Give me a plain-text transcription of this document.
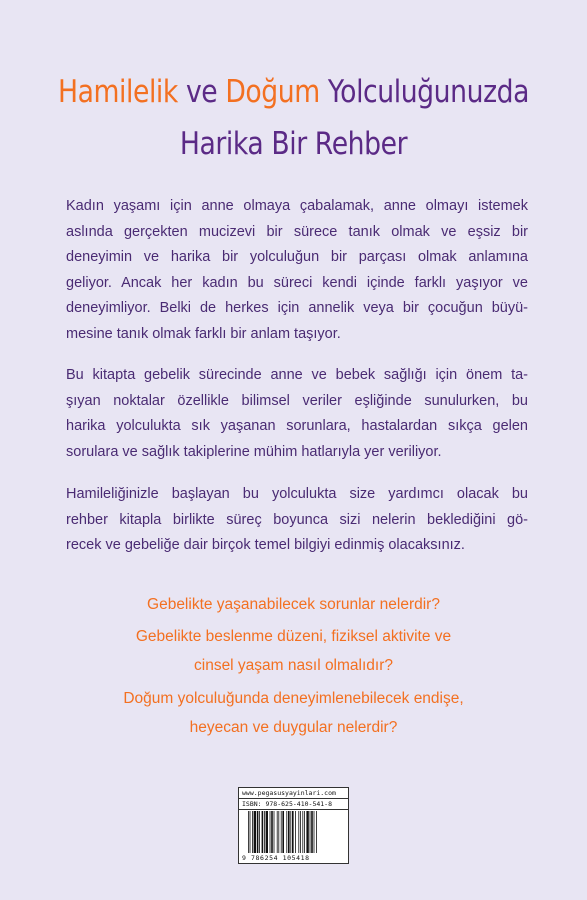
Hamilelik ve Doğum Yolculuğunuzda
Harika Bir Rehber
Kadın yaşamı için anne olmaya çabalamak, anne olmayı istemek
aslında gerçekten mucizevi bir sürece tanık olmak ve eşsiz bir
deneyimin ve harika bir yolculuğun bir parçası olmak anlamına
geliyor. Ancak her kadın bu süreci kendi içinde farklı yaşıyor ve
deneyimliyor. Belki de herkes için annelik veya bir çocuğun büyü-
mesine tanık olmak farklı bir anlam taşıyor.
Bu kitapta gebelik sürecinde anne ve bebek sağlığı için önem ta-
şıyan noktalar özellikle bilimsel veriler eşliğinde sunulurken, bu
harika yolculukta sık yaşanan sorunlara, hastalardan sıkça gelen
sorulara ve sağlık takiplerine mühim hatlarıyla yer veriliyor.
Hamileliğinizle başlayan bu yolculukta size yardımcı olacak bu
rehber kitapla birlikte süreç boyunca sizi nelerin beklediğini gö-
recek ve gebeliğe dair birçok temel bilgiyi edinmiş olacaksınız.
Gebelikte yaşanabilecek sorunlar nelerdir?
Gebelikte beslenme düzeni, fiziksel aktivite ve
cinsel yaşam nasıl olmalıdır?
Doğum yolculuğunda deneyimlenebilecek endişe,
heyecan ve duygular nelerdir?
www.pegasusyayinlari.com
ISBN: 978-625-410-541-8
9 786254 105418
